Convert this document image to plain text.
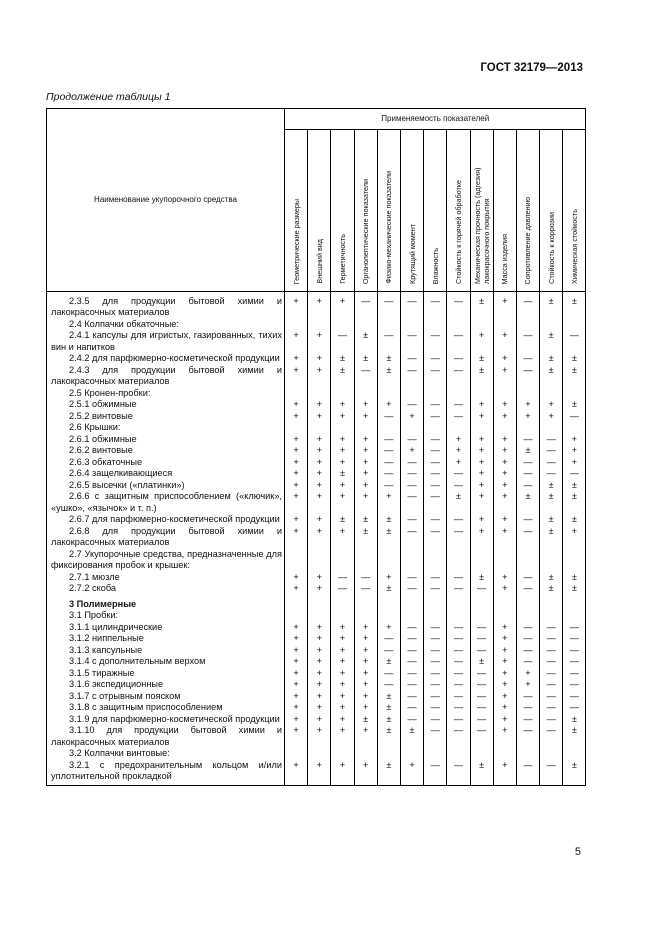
ГОСТ 32179—2013
Продолжение таблицы 1
Наименование укупорочного средства	Применяемость показателей												
	Геометрические размеры	Внешний вид	Герметичность	Органолептические показатели	Физико-механические показатели	Крутящий момент	Влажность	Стойкость к горячей обработке	Механическая прочность (адгезия) лакокрасочного покрытия	Масса изделия	Сопротивление давлению	Стойкость к коррозии	Химическая стойкость

2.3.5 для продукции бытовой химии и лакокрасочных материалов	+	+	+	—	—	—	—	—	±	+	—	±	±
2.4 Колпачки обкаточные:													
2.4.1 капсулы для игристых, газированных, тихих вин и напитков	+	+	—	±	—	—	—	—	+	+	—	±	—
2.4.2 для парфюмерно-косметической продукции	+	+	±	±	±	—	—	—	±	+	—	±	±
2.4.3 для продукции бытовой химии и лакокрасочных материалов	+	+	±	—	±	—	—	—	±	+	—	±	±
2.5 Кронен-пробки:													
2.5.1 обжимные	+	+	+	+	+	—	—	—	+	+	+	+	±
2.5.2 винтовые	+	+	+	+	—	+	—	—	+	+	+	+	—
2.6 Крышки:													
2.6.1 обжимные	+	+	+	+	—	—	—	+	+	+	—	—	+
2.6.2 винтовые	+	+	+	+	—	+	—	+	+	+	±	—	+
2.6.3 обкаточные	+	+	+	+	—	—	—	+	+	+	—	—	+
2.6.4 защелкивающиеся	+	+	±	+	—	—	—	—	+	+	—	—	—
2.6.5 высечки («платинки»)	+	+	+	+	—	—	—	—	+	+	—	±	±
2.6.6 с защитным приспособлением («ключик», «ушко», «язычок» и т. п.)	+	+	+	+	+	—	—	±	+	+	±	±	±
2.6.7 для парфюмерно-косметической продукции	+	+	±	±	±	—	—	—	+	+	—	±	±
2.6.8 для продукции бытовой химии и лакокрасочных материалов	+	+	+	±	±	—	—	—	+	+	—	±	+
2.7 Укупорочные средства, предназначенные для фиксирования пробок и крышек:													
2.7.1 мюзле	+	+	—	—	+	—	—	—	±	+	—	±	±
2.7.2 скоба	+	+	—	—	±	—	—	—	—	+	—	±	±

3 Полимерные													
3.1 Пробки:													
3.1.1 цилиндрические	+	+	+	+	+	—	—	—	—	+	—	—	—
3.1.2 ниппельные	+	+	+	+	—	—	—	—	—	+	—	—	—
3.1.3 капсульные	+	+	+	+	—	—	—	—	—	+	—	—	—
3.1.4 с дополнительным верхом	+	+	+	+	±	—	—	—	±	+	—	—	—
3.1.5 тиражные	+	+	+	+	—	—	—	—	—	+	+	—	—
3.1.6 экспедиционные	+	+	+	+	—	—	—	—	—	+	+	—	—
3.1.7 с отрывным пояском	+	+	+	+	±	—	—	—	—	+	—	—	—
3.1.8 с защитным приспособлением	+	+	+	+	±	—	—	—	—	+	—	—	—
3.1.9 для парфюмерно-косметической продукции	+	+	+	±	±	—	—	—	—	+	—	—	±
3.1.10 для продукции бытовой химии и лакокрасочных материалов	+	+	+	+	±	±	—	—	—	+	—	—	±
3.2 Колпачки винтовые:													
3.2.1 с предохранительным кольцом и/или уплотнительной прокладкой	+	+	+	+	±	+	—	—	±	+	—	—	±
5
